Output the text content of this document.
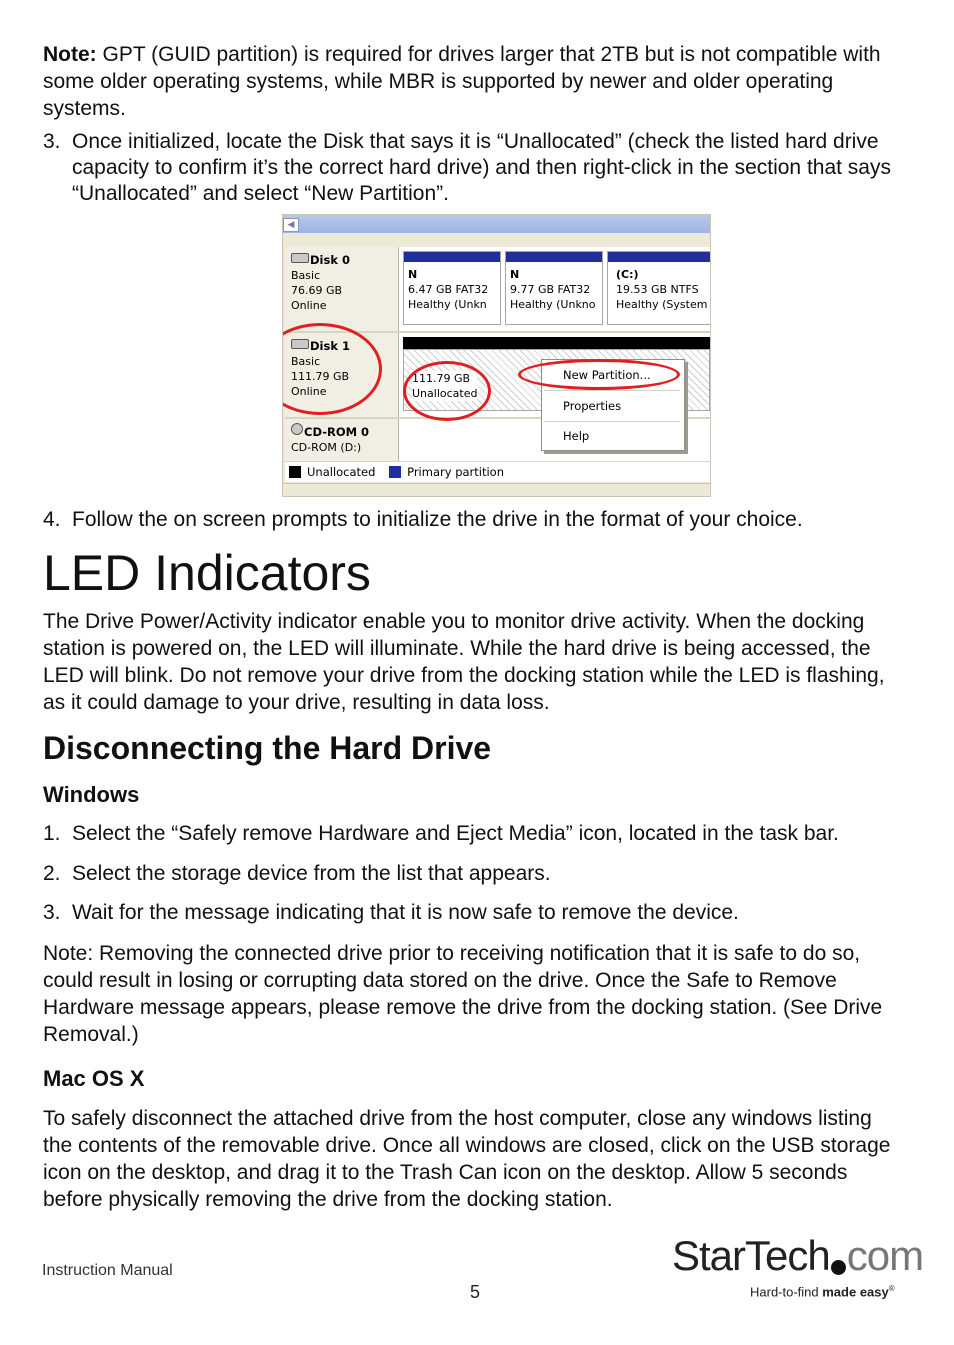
Note: GPT (GUID partition) is required for drives larger that 2TB but is not compatible with some older operating systems, while MBR is supported by newer and older operating systems.
3. Once initialized, locate the Disk that says it is “Unallocated” (check the listed hard drive capacity to confirm it’s the correct hard drive) and then right-click in the section that says “Unallocated” and select “New Partition”.
◀
Disk 0
Basic
76.69 GB
Online
N
6.47 GB FAT32
Healthy (Unkn
N
9.77 GB FAT32
Healthy (Unkno
(C:)
19.53 GB NTFS
Healthy (System
Disk 1
Basic
111.79 GB
Online
111.79 GB
Unallocated
CD-ROM 0
CD-ROM (D:)
New Partition...
Properties
Help
Unallocated	Primary partition
4. Follow the on screen prompts to initialize the drive in the format of your choice.
LED Indicators
The Drive Power/Activity indicator enable you to monitor drive activity. When the docking station is powered on, the LED will illuminate. While the hard drive is being accessed, the LED will blink. Do not remove your drive from the docking station while the LED is flashing, as it could damage to your drive, resulting in data loss.
Disconnecting the Hard Drive
Windows
1. Select the “Safely remove Hardware and Eject Media” icon, located in the task bar.
2. Select the storage device from the list that appears.
3. Wait for the message indicating that it is now safe to remove the device.
Note: Removing the connected drive prior to receiving notification that it is safe to do so, could result in losing or corrupting data stored on the drive. Once the Safe to Remove Hardware message appears, please remove the drive from the docking station. (See Drive Removal.)
Mac OS X
To safely disconnect the attached drive from the host computer, close any windows listing the contents of the removable drive. Once all windows are closed, click on the USB storage icon on the desktop, and drag it to the Trash Can icon on the desktop. Allow 5 seconds before physically removing the drive from the docking station.
Instruction Manual
5
StarTech com
Hard-to-find made easy®
